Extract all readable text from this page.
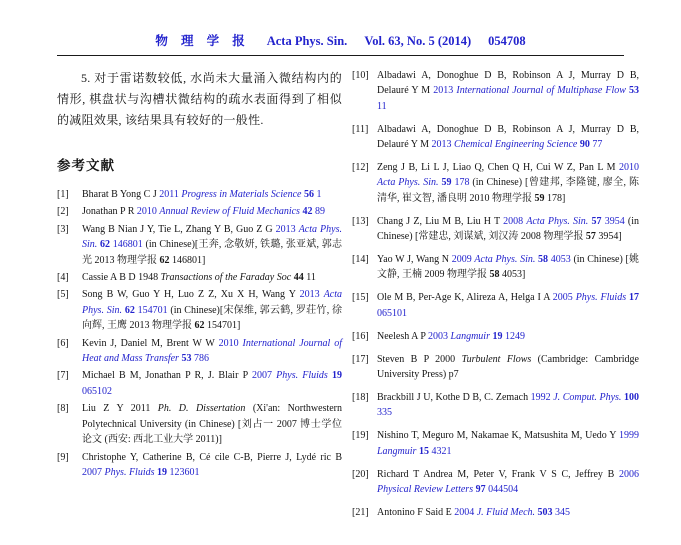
物 理 学 报 Acta Phys. Sin. Vol. 63, No. 5 (2014) 054708

5. 对于雷诺数较低, 水尚未大量涌入微结构内的情形, 棋盘状与沟槽状微结构的疏水表面得到了相似的减阻效果, 该结果具有较好的一般性.

参考文献
[1] Bharat B Yong C J 2011 Progress in Materials Science 56 1
[2] Jonathan P R 2010 Annual Review of Fluid Mechanics 42 89
[3] Wang B Nian J Y, Tie L, Zhang Y B, Guo Z G 2013 Acta Phys. Sin. 62 146801 (in Chinese)[王奔, 念敬妍, 铁璐, 张亚斌, 郭志光 2013 物理学报 62 146801]
[4] Cassie A B D 1948 Transactions of the Faraday Soc 44 11
[5] Song B W, Guo Y H, Luo Z Z, Xu X H, Wang Y 2013 Acta Phys. Sin. 62 154701 (in Chinese)[宋保维, 郭云鹤, 罗荘竹, 徐向辉, 王鹰 2013 物理学报 62 154701]
[6] Kevin J, Daniel M, Brent W W 2010 International Journal of Heat and Mass Transfer 53 786
[7] Michael B M, Jonathan P R, J. Blair P 2007 Phys. Fluids 19 065102
[8] Liu Z Y 2011 Ph. D. Dissertation (Xi'an: Northwestern Polytechnical University (in Chinese) [刘占一 2007 博士学位论文 (西安: 西北工业大学 2011)]
[9] Christophe Y, Catherine B, Cé cile C-B, Pierre J, Lydé ric B 2007 Phys. Fluids 19 123601
[10] Albadawi A, Donoghue D B, Robinson A J, Murray D B, Delauré Y M 2013 International Journal of Multiphase Flow 53 11
[11] Albadawi A, Donoghue D B, Robinson A J, Murray D B, Delauré Y M 2013 Chemical Engineering Science 90 77
[12] Zeng J B, Li L J, Liao Q, Chen Q H, Cui W Z, Pan L M 2010 Acta Phys. Sin. 59 178 (in Chinese) [曾建邦, 李隆键, 廖全, 陈清华, 崔文智, 潘良明 2010 物理学报 59 178]
[13] Chang J Z, Liu M B, Liu H T 2008 Acta Phys. Sin. 57 3954 (in Chinese) [常建忠, 刘谋斌, 刘汉涛 2008 物理学报 57 3954]
[14] Yao W J, Wang N 2009 Acta Phys. Sin. 58 4053 (in Chinese) [姚文静, 王楠 2009 物理学报 58 4053]
[15] Ole M B, Per-Age K, Alireza A, Helga I A 2005 Phys. Fluids 17 065101
[16] Neelesh A P 2003 Langmuir 19 1249
[17] Steven B P 2000 Turbulent Flows (Cambridge: Cambridge University Press) p7
[18] Brackbill J U, Kothe D B, C. Zemach 1992 J. Comput. Phys. 100 335
[19] Nishino T, Meguro M, Nakamae K, Matsushita M, Uedo Y 1999 Langmuir 15 4321
[20] Richard T Andrea M, Peter V, Frank V S C, Jeffrey B 2006 Physical Review Letters 97 044504
[21] Antonino F Said E 2004 J. Fluid Mech. 503 345
